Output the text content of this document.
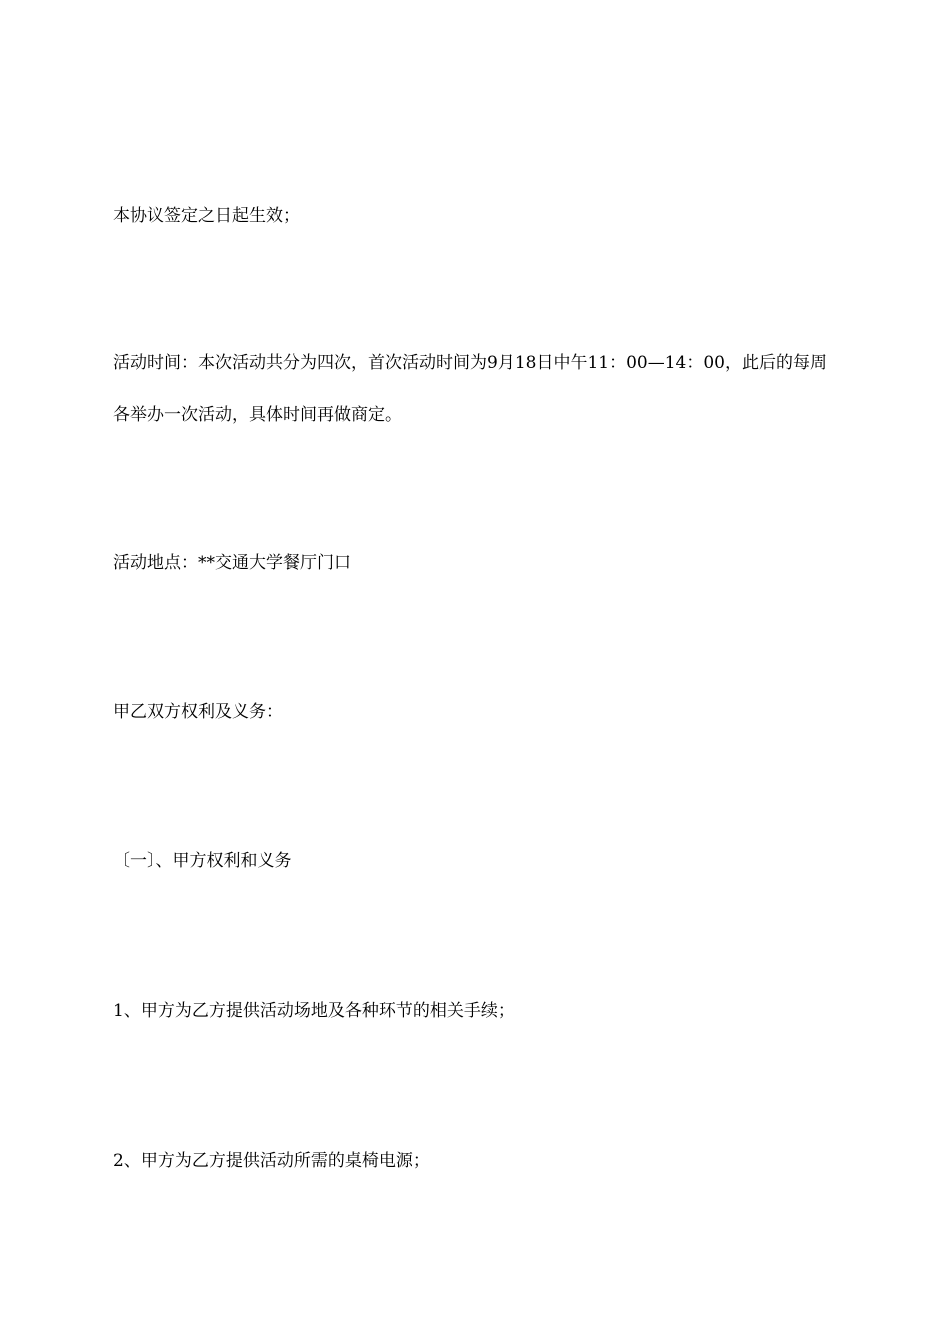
本协议签定之日起生效；
活动时间：本次活动共分为四次，首次活动时间为9月18日中午11：00—14：00，此后的每周各举办一次活动，具体时间再做商定。
活动地点：**交通大学餐厅门口
甲乙双方权利及义务：
〔一〕、甲方权利和义务
1、甲方为乙方提供活动场地及各种环节的相关手续；
2、甲方为乙方提供活动所需的桌椅电源；
